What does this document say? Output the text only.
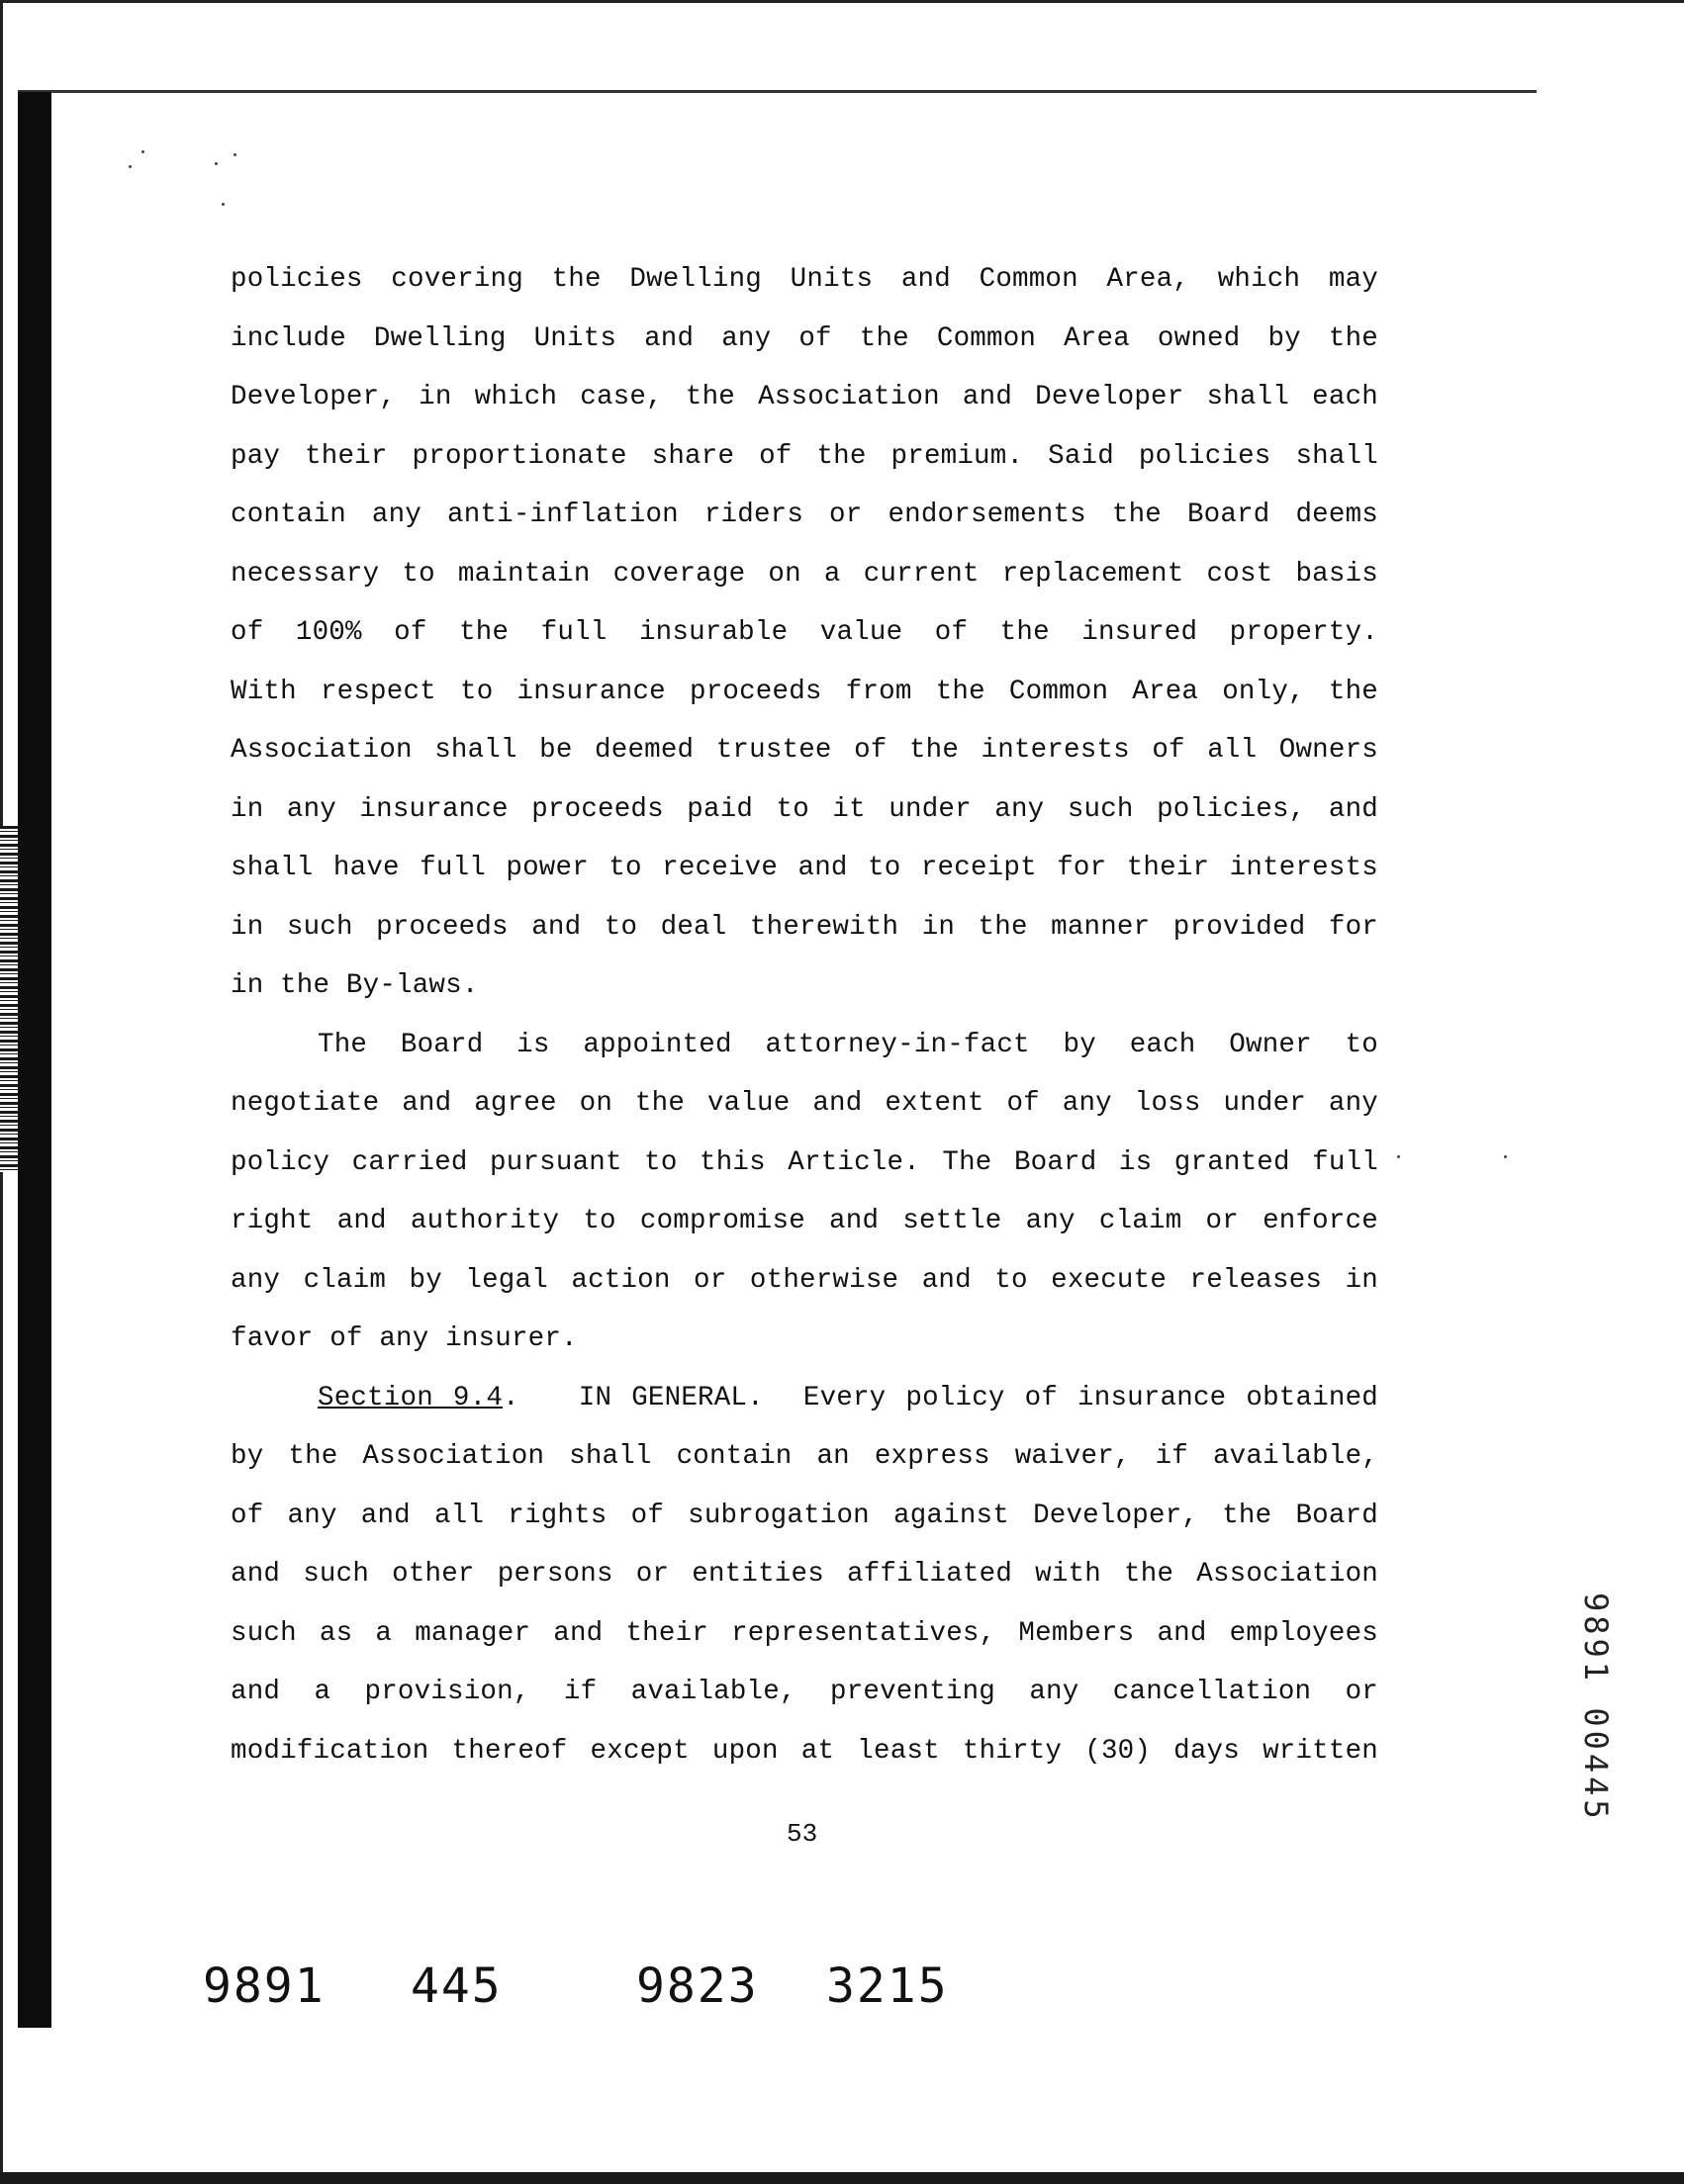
policies covering the Dwelling Units and Common Area, which may
include Dwelling Units and any of the Common Area owned by the
Developer, in which case, the Association and Developer shall each
pay their proportionate share of the premium. Said policies shall
contain any anti-inflation riders or endorsements the Board deems
necessary to maintain coverage on a current replacement cost basis
of 100% of the full insurable value of the insured property.
With respect to insurance proceeds from the Common Area only, the
Association shall be deemed trustee of the interests of all Owners
in any insurance proceeds paid to it under any such policies, and
shall have full power to receive and to receipt for their interests
in such proceeds and to deal therewith in the manner provided for
in the By-laws.
The Board is appointed attorney-in-fact by each Owner to
negotiate and agree on the value and extent of any loss under any
policy carried pursuant to this Article. The Board is granted full
right and authority to compromise and settle any claim or enforce
any claim by legal action or otherwise and to execute releases in
favor of any insurer.
Section 9.4. IN GENERAL. Every policy of insurance obtained
by the Association shall contain an express waiver, if available,
of any and all rights of subrogation against Developer, the Board
and such other persons or entities affiliated with the Association
such as a manager and their representatives, Members and employees
and a provision, if available, preventing any cancellation or
modification thereof except upon at least thirty (30) days written
53
9891 00445
9891 445	9823 3215
